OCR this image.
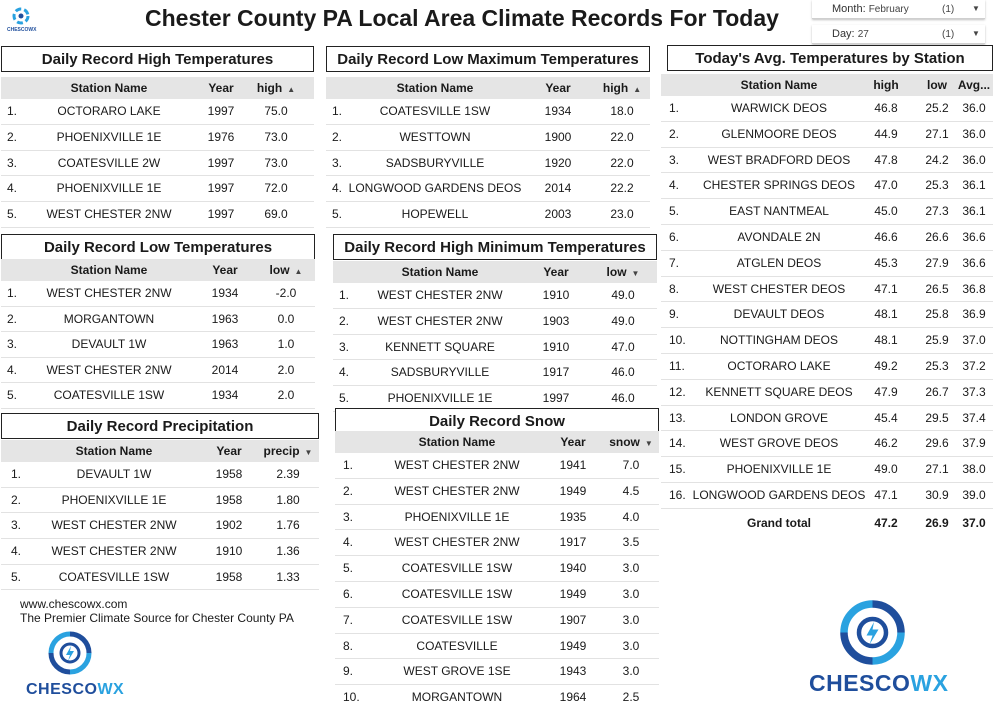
CHESCOWX	Chester County PA Local Area Climate Records For Today	Month: February	(1) ▼
Day: 27	(1) ▼
Daily Record High Temperatures
Station Name	Year high ▲
1.	OCTORARO LAKE	1997 75.0
2.	PHOENIXVILLE 1E	1976 73.0
3.	COATESVILLE 2W	1997 73.0
4.	PHOENIXVILLE 1E	1997 72.0
5. WEST CHESTER 2NW	1997 69.0
Daily Record Low Temperatures
Station Name	Year	low ▲
1. WEST CHESTER 2NW	1934	-2.0
2.	MORGANTOWN	1963	0.0
3.	DEVAULT 1W	1963	1.0
4. WEST CHESTER 2NW	2014	2.0
5.	COATESVILLE 1SW	1934	2.0
Daily Record Precipitation
Station Name	Year precip ▼
1.	DEVAULT 1W	1958	2.39
2.	PHOENIXVILLE 1E	1958	1.80
3.	WEST CHESTER 2NW	1902	1.76
4.	WEST CHESTER 2NW	1910	1.36
5.	COATESVILLE 1SW	1958	1.33
Daily Record Low Maximum Temperatures
Station Name	Year	high ▲
1.	COATESVILLE 1SW	1934	18.0
2.	WESTTOWN	1900	22.0
3.	SADSBURYVILLE	1920	22.0
4. LONGWOOD GARDENS DEOS 2014	22.2
5.	HOPEWELL	2003	23.0
Daily Record High Minimum Temperatures
Station Name	Year	low ▼
1. WEST CHESTER 2NW	1910	49.0
2. WEST CHESTER 2NW	1903	49.0
3.	KENNETT SQUARE	1910	47.0
4.	SADSBURYVILLE	1917	46.0
5.	PHOENIXVILLE 1E	1997	46.0
Daily Record Snow
Station Name	Year snow ▼
1.	WEST CHESTER 2NW	1941	7.0
2.	WEST CHESTER 2NW	1949	4.5
3.	PHOENIXVILLE 1E	1935	4.0
4.	WEST CHESTER 2NW	1917	3.5
5.	COATESVILLE 1SW	1940	3.0
6.	COATESVILLE 1SW	1949	3.0
7.	COATESVILLE 1SW	1907	3.0
8.	COATESVILLE	1949	3.0
9.	WEST GROVE 1SE	1943	3.0
10.	MORGANTOWN	1964	2.5
Today's Avg. Temperatures by Station
Station Name	high low Avg...
1.	WARWICK DEOS	46.8 25.2 36.0
2.	GLENMOORE DEOS	44.9 27.1 36.0
3. WEST BRADFORD DEOS 47.8 24.2 36.0
4. CHESTER SPRINGS DEOS 47.0 25.3 36.1
5.	EAST NANTMEAL	45.0 27.3 36.1
6.	AVONDALE 2N	46.6 26.6 36.6
7.	ATGLEN DEOS	45.3 27.9 36.6
8.	WEST CHESTER DEOS 47.1 26.5 36.8
9.	DEVAULT DEOS	48.1 25.8 36.9
10.	NOTTINGHAM DEOS	48.1 25.9 37.0
11.	OCTORARO LAKE	49.2 25.3 37.2
12. KENNETT SQUARE DEOS 47.9 26.7 37.3
13.	LONDON GROVE	45.4 29.5 37.4
14.	WEST GROVE DEOS	46.2 29.6 37.9
15.	PHOENIXVILLE 1E	49.0 27.1 38.0
16. LONGWOOD GARDENS DEOS 47.1 30.9 39.0
Grand total	47.2 26.9 37.0
www.chescowx.com
The Premier Climate Source for Chester County PA
CHESCOWX	CHESCOWX
